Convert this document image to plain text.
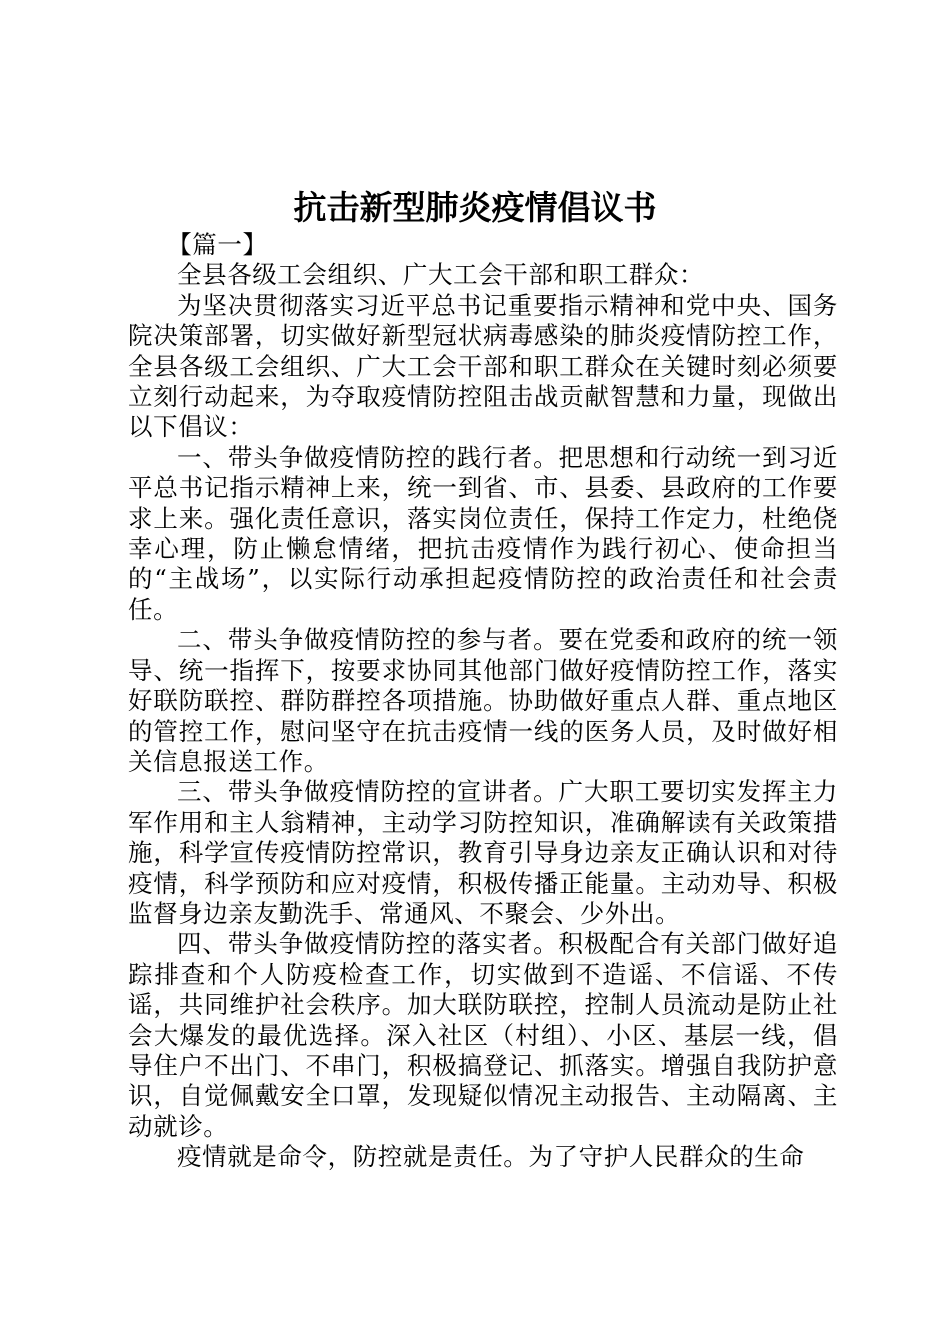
抗击新型肺炎疫情倡议书

【篇一】

全县各级工会组织、广大工会干部和职工群众：

为坚决贯彻落实习近平总书记重要指示精神和党中央、国务院决策部署，切实做好新型冠状病毒感染的肺炎疫情防控工作，全县各级工会组织、广大工会干部和职工群众在关键时刻必须要立刻行动起来，为夺取疫情防控阻击战贡献智慧和力量，现做出以下倡议：

一、带头争做疫情防控的践行者。把思想和行动统一到习近平总书记指示精神上来，统一到省、市、县委、县政府的工作要求上来。强化责任意识，落实岗位责任，保持工作定力，杜绝侥幸心理，防止懒怠情绪，把抗击疫情作为践行初心、使命担当的“主战场”，以实际行动承担起疫情防控的政治责任和社会责任。

二、带头争做疫情防控的参与者。要在党委和政府的统一领导、统一指挥下，按要求协同其他部门做好疫情防控工作，落实好联防联控、群防群控各项措施。协助做好重点人群、重点地区的管控工作，慰问坚守在抗击疫情一线的医务人员，及时做好相关信息报送工作。

三、带头争做疫情防控的宣讲者。广大职工要切实发挥主力军作用和主人翁精神，主动学习防控知识，准确解读有关政策措施，科学宣传疫情防控常识，教育引导身边亲友正确认识和对待疫情，科学预防和应对疫情，积极传播正能量。主动劝导、积极监督身边亲友勤洗手、常通风、不聚会、少外出。

四、带头争做疫情防控的落实者。积极配合有关部门做好追踪排查和个人防疫检查工作，切实做到不造谣、不信谣、不传谣，共同维护社会秩序。加大联防联控，控制人员流动是防止社会大爆发的最优选择。深入社区（村组）、小区、基层一线，倡导住户不出门、不串门，积极搞登记、抓落实。增强自我防护意识，自觉佩戴安全口罩，发现疑似情况主动报告、主动隔离、主动就诊。

疫情就是命令，防控就是责任。为了守护人民群众的生命
